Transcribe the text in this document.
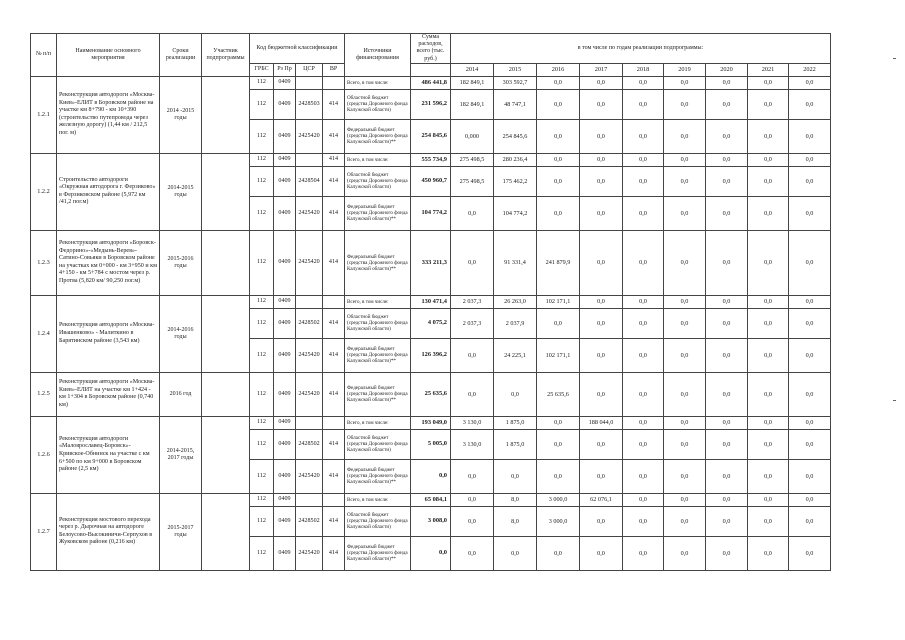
№ п/п	Наименование основного мероприятия	Сроки реализации	Участник подпрограммы	Код бюджетной классификации				Источники финансирования	Сумма расходов, всего (тыс. руб.)	в том числе по годам реализации подпрограммы:								
				ГРБС	Рз Пр	ЦСР	ВР			2014	2015	2016	2017	2018	2019	2020	2021	2022
1.2.1	Реконструкция автодороги «Москва-Киев»-ЕЛИТ в Боровском районе на участке км 8+790 - км 10+390 (строительство путепровода через железную дорогу) (1,44 км / 212,5 пог. м)	2014 -2015 годы		112	0409			Всего, в том числе:	486 441,8	182 849,1	303 592,7	0,0	0,0	0,0	0,0	0,0	0,0	0,0
				112	0409	2428503	414	Областной бюджет (средства Дорожного фонда Калужской области)	231 596,2	182 849,1	48 747,1	0,0	0,0	0,0	0,0	0,0	0,0	0,0
				112	0409	2425420	414	Федеральный бюджет (средства Дорожного фонда Калужской области)**	254 845,6	0,000	254 845,6	0,0	0,0	0,0	0,0	0,0	0,0	0,0
1.2.2	Строительство автодороги «Окружная автодорога г. Ферзиково» в Ферзиковском районе (5,972 км /41,2 пог.м)	2014-2015 годы		112	0409		414	Всего, в том числе:	555 734,9	275 498,5	280 236,4	0,0	0,0	0,0	0,0	0,0	0,0	0,0
				112	0409	2428504	414	Областной бюджет (средства Дорожного фонда Калужской области)	450 960,7	275 498,5	175 462,2	0,0	0,0	0,0	0,0	0,0	0,0	0,0
				112	0409	2425420	414	Федеральный бюджет (средства Дорожного фонда Калужской области)**	104 774,2	0,0	104 774,2	0,0	0,0	0,0	0,0	0,0	0,0	0,0
1.2.3	Реконструкция автодороги «Боровск-Федорино»-«Медынь-Верея»-Сатино-Совьяки в Боровском районе на участках км 0+000 - км 3+950 и км 4+150 - км 5+784 с мостом через р. Протва (5,820 км/ 90,250 пог.м)	2015-2016 годы		112	0409	2425420	414	Федеральный бюджет (средства Дорожного фонда Калужской области)**	333 211,3	0,0	91 331,4	241 879,9	0,0	0,0	0,0	0,0	0,0	0,0
1.2.4	Реконструкция автодороги «Москва-Ивашенково» - Малиткино в Барятинском районе (3,543 км)	2014-2016 годы		112	0409			Всего, в том числе:	130 471,4	2 037,3	26 263,0	102 171,1	0,0	0,0	0,0	0,0	0,0	0,0
				112	0409	2428502	414	Областной бюджет (средства Дорожного фонда Калужской области)	4 075,2	2 037,3	2 037,9	0,0	0,0	0,0	0,0	0,0	0,0	0,0
				112	0409	2425420	414	Федеральный бюджет (средства Дорожного фонда Калужской области)**	126 396,2	0,0	24 225,1	102 171,1	0,0	0,0	0,0	0,0	0,0	0,0
1.2.5	Реконструкция автодороги «Москва-Киев»-ЕЛИТ на участке км 1+424 - км 1+304 в Боровском районе (0,740 км)	2016 год		112	0409	2425420	414	Федеральный бюджет (средства Дорожного фонда Калужской области)**	25 635,6	0,0	0,0	25 635,6	0,0	0,0	0,0	0,0	0,0	0,0
1.2.6	Реконструкция автодороги «Малоярославец-Боровск»-Кривское-Обнинск на участке с км 6+500 по км 9+000 в Боровском районе (2,5 км)	2014-2015, 2017 годы		112	0409			Всего, в том числе:	193 049,0	3 130,0	1 875,0	0,0	188 044,0	0,0	0,0	0,0	0,0	0,0
				112	0409	2428502	414	Областной бюджет (средства Дорожного фонда Калужской области)	5 005,0	3 130,0	1 875,0	0,0	0,0	0,0	0,0	0,0	0,0	0,0
				112	0409	2425420	414	Федеральный бюджет (средства Дорожного фонда Калужской области)**	0,0	0,0	0,0	0,0	0,0	0,0	0,0	0,0	0,0	0,0
1.2.7	Реконструкция мостового перехода через р. Дырочная на автодороге Белоусово-Высокиничи-Серпухов в Жуковском районе (0,216 км)	2015-2017 годы		112	0409			Всего, в том числе:	65 084,1	0,0	8,0	3 000,0	62 076,1	0,0	0,0	0,0	0,0	0,0
				112	0409	2428502	414	Областной бюджет (средства Дорожного фонда Калужской области)	3 008,0	0,0	8,0	3 000,0	0,0	0,0	0,0	0,0	0,0	0,0
				112	0409	2425420	414	Федеральный бюджет (средства Дорожного фонда Калужской области)**	0,0	0,0	0,0	0,0	0,0	0,0	0,0	0,0	0,0	0,0
